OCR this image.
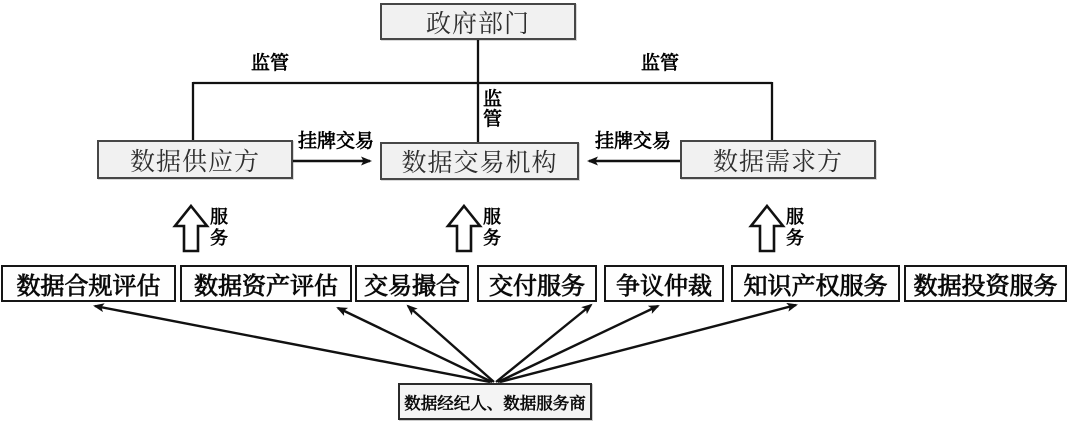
政府部门
数据供应方	数据交易机构	数据需求方
监管	监管
监管
挂牌交易	挂牌交易
服务
服务
服务
数据合规评估	数据资产评估	交易撮合	交付服务	争议仲裁	知识产权服务	数据投资服务
数据经纪人、数据服务商
